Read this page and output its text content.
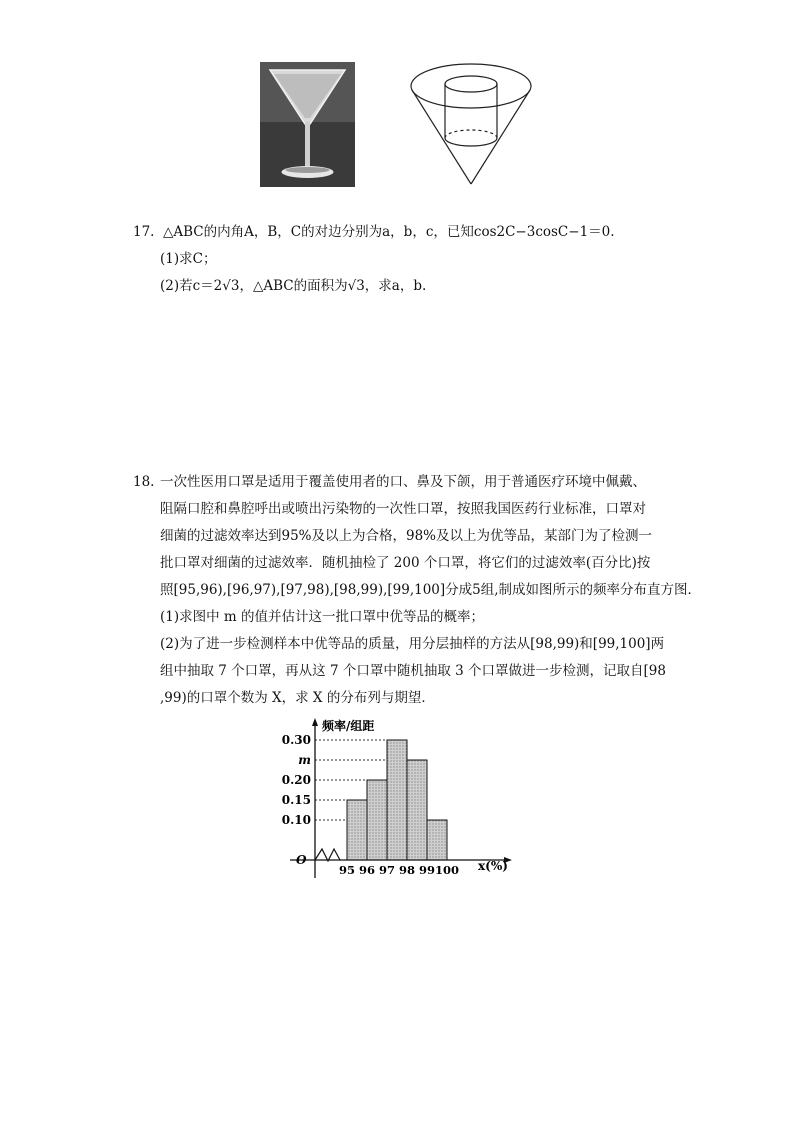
17. △ABC的内角A，B，C的对边分别为a，b，c，已知cos2C−3cosC−1＝0.
(1)求C；
(2)若c＝2√3，△ABC的面积为√3，求a，b.
18. 一次性医用口罩是适用于覆盖使用者的口、鼻及下颌，用于普通医疗环境中佩戴、
阻隔口腔和鼻腔呼出或喷出污染物的一次性口罩，按照我国医药行业标准，口罩对
细菌的过滤效率达到95%及以上为合格，98%及以上为优等品，某部门为了检测一
批口罩对细菌的过滤效率．随机抽检了 200 个口罩，将它们的过滤效率(百分比)按
照[95,96),[96,97),[97,98),[98,99),[99,100]分成5组,制成如图所示的频率分布直方图．
(1)求图中 m 的值并估计这一批口罩中优等品的概率；
(2)为了进一步检测样本中优等品的质量，用分层抽样的方法从[98,99)和[99,100]两
组中抽取 7 个口罩，再从这 7 个口罩中随机抽取 3 个口罩做进一步检测，记取自[98
,99)的口罩个数为 X，求 X 的分布列与期望．
频率/组距
O	x(%)
0.30
m
0.20
0.15
0.10
95 96 97 98 99 100
